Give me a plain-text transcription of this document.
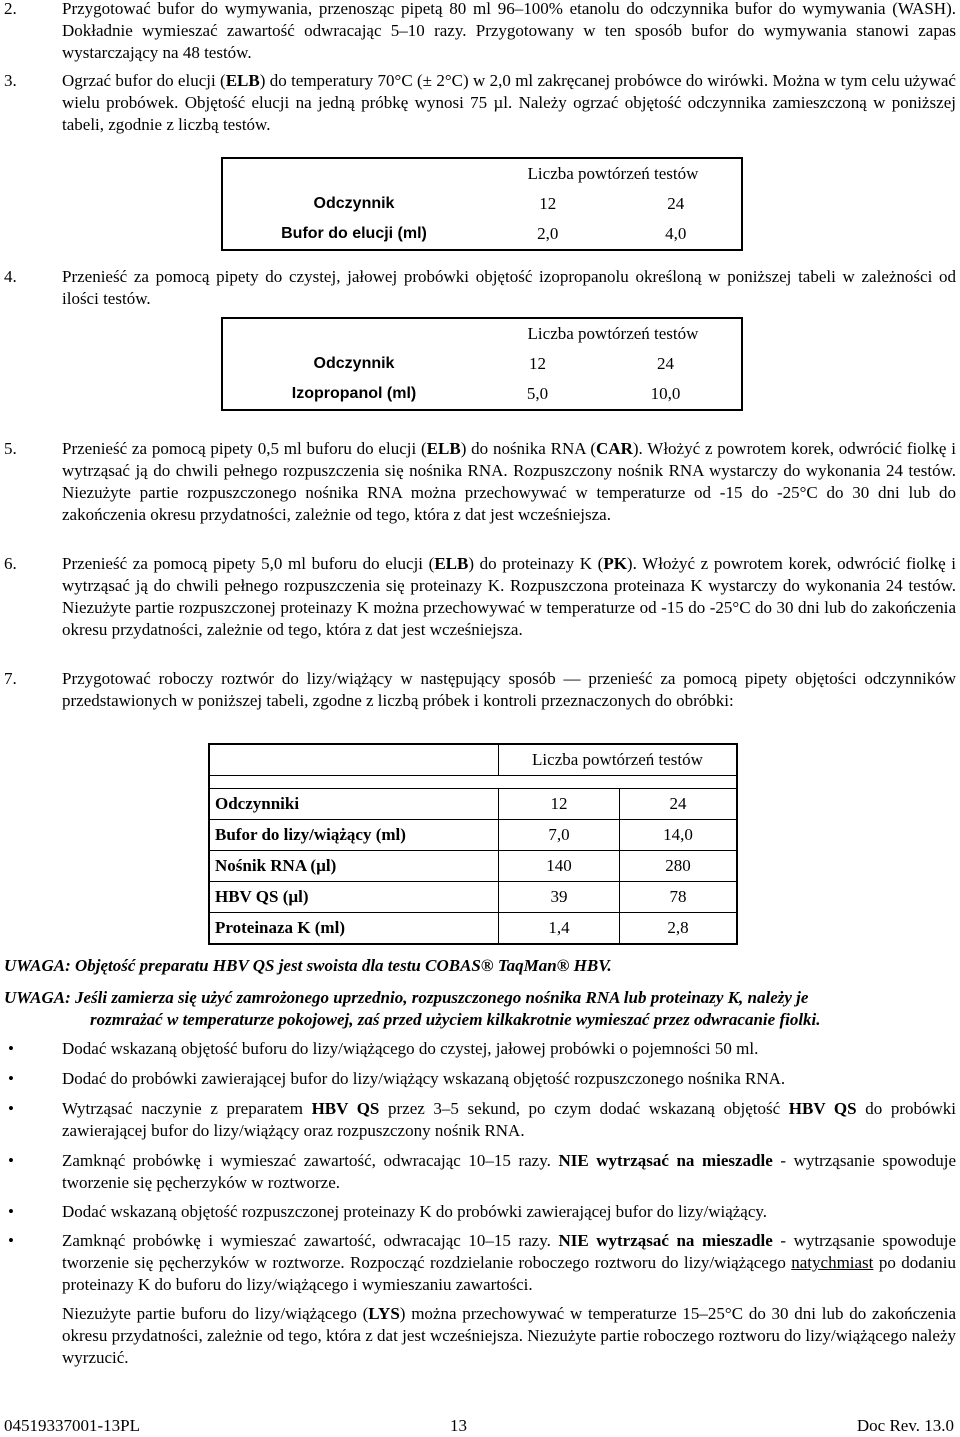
2.	Przygotować bufor do wymywania, przenosząc pipetą 80 ml 96–100% etanolu do odczynnika bufor do wymywania (WASH). Dokładnie wymieszać zawartość odwracając 5–10 razy. Przygotowany w ten sposób bufor do wymywania stanowi zapas wystarczający na 48 testów.

3.	Ogrzać bufor do elucji (ELB) do temperatury 70°C (± 2°C) w 2,0 ml zakręcanej probówce do wirówki. Można w tym celu używać wielu probówek. Objętość elucji na jedną próbkę wynosi 75 µl. Należy ogrzać objętość odczynnika zamieszczoną w poniższej tabeli, zgodnie z liczbą testów.

	Liczba powtórzeń testów	
Odczynnik	12	24
Bufor do elucji (ml)	2,0	4,0
4.	Przenieść za pomocą pipety do czystej, jałowej probówki objętość izopropanolu określoną w poniższej tabeli w zależności od ilości testów.

	Liczba powtórzeń testów	
Odczynnik	12	24
Izopropanol (ml)	5,0	10,0
5.	Przenieść za pomocą pipety 0,5 ml buforu do elucji (ELB) do nośnika RNA (CAR). Włożyć z powrotem korek, odwrócić fiolkę i wytrząsać ją do chwili pełnego rozpuszczenia się nośnika RNA. Rozpuszczony nośnik RNA wystarczy do wykonania 24 testów. Niezużyte partie rozpuszczonego nośnika RNA można przechowywać w temperaturze od -15 do -25°C do 30 dni lub do zakończenia okresu przydatności, zależnie od tego, która z dat jest wcześniejsza.

6.	Przenieść za pomocą pipety 5,0 ml buforu do elucji (ELB) do proteinazy K (PK). Włożyć z powrotem korek, odwrócić fiolkę i wytrząsać ją do chwili pełnego rozpuszczenia się proteinazy K. Rozpuszczona proteinaza K wystarczy do wykonania 24 testów. Niezużyte partie rozpuszczonej proteinazy K można przechowywać w temperaturze od -15 do -25°C do 30 dni lub do zakończenia okresu przydatności, zależnie od tego, która z dat jest wcześniejsza.

7.	Przygotować roboczy roztwór do lizy/wiążący w następujący sposób — przenieść za pomocą pipety objętości odczynników przedstawionych w poniższej tabeli, zgodne z liczbą próbek i kontroli przeznaczonych do obróbki:

	Liczba powtórzeń testów	

Odczynniki	12	24
Bufor do lizy/wiążący (ml)	7,0	14,0
Nośnik RNA (µl)	140	280
HBV QS (µl)	39	78
Proteinaza K (ml)	1,4	2,8
UWAGA: Objętość preparatu HBV QS jest swoista dla testu COBAS® TaqMan® HBV.
UWAGA: Jeśli zamierza się użyć zamrożonego uprzednio, rozpuszczonego nośnika RNA lub proteinazy K, należy je
rozmrażać w temperaturze pokojowej, zaś przed użyciem kilkakrotnie wymieszać przez odwracanie fiolki.
•	Dodać wskazaną objętość buforu do lizy/wiążącego do czystej, jałowej probówki o pojemności 50 ml.
•	Dodać do probówki zawierającej bufor do lizy/wiążący wskazaną objętość rozpuszczonego nośnika RNA.
•	Wytrząsać naczynie z preparatem HBV QS przez 3–5 sekund, po czym dodać wskazaną objętość HBV QS do probówki zawierającej bufor do lizy/wiążący oraz rozpuszczony nośnik RNA.
•	Zamknąć probówkę i wymieszać zawartość, odwracając 10–15 razy. NIE wytrząsać na mieszadle - wytrząsanie spowoduje tworzenie się pęcherzyków w roztworze.
•	Dodać wskazaną objętość rozpuszczonej proteinazy K do probówki zawierającej bufor do lizy/wiążący.
•	Zamknąć probówkę i wymieszać zawartość, odwracając 10–15 razy. NIE wytrząsać na mieszadle - wytrząsanie spowoduje tworzenie się pęcherzyków w roztworze. Rozpocząć rozdzielanie roboczego roztworu do lizy/wiążącego natychmiast po dodaniu proteinazy K do buforu do lizy/wiążącego i wymieszaniu zawartości.
Niezużyte partie buforu do lizy/wiążącego (LYS) można przechowywać w temperaturze 15–25°C do 30 dni lub do zakończenia okresu przydatności, zależnie od tego, która z dat jest wcześniejsza. Niezużyte partie roboczego roztworu do lizy/wiążącego należy wyrzucić.
04519337001-13PL	13	Doc Rev. 13.0
